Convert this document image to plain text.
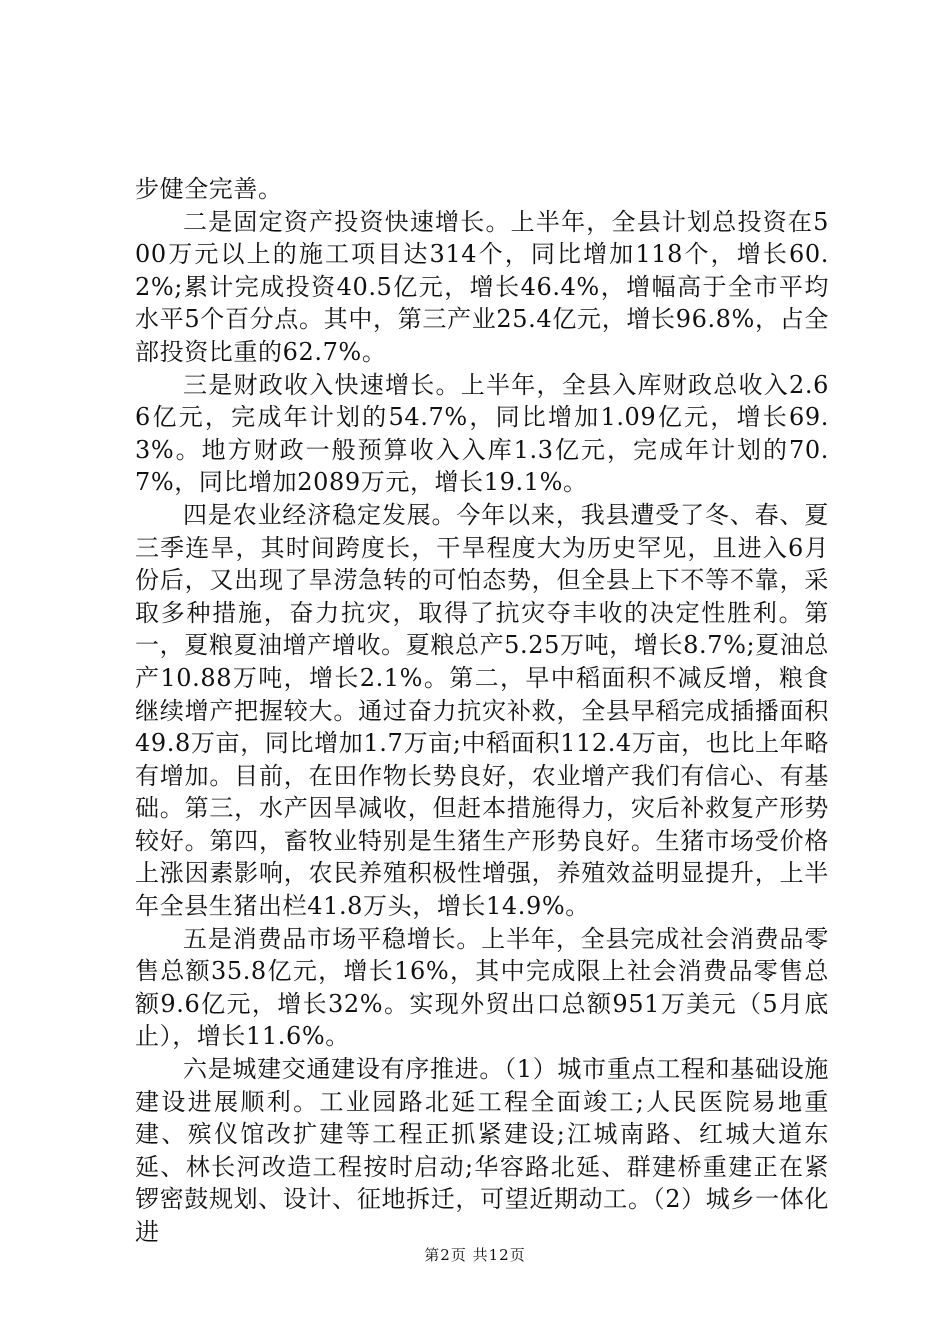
步健全完善。

二是固定资产投资快速增长。上半年，全县计划总投资在500万元以上的施工项目达314个，同比增加118个，增长60.2%;累计完成投资40.5亿元，增长46.4%，增幅高于全市平均水平5个百分点。其中，第三产业25.4亿元，增长96.8%，占全部投资比重的62.7%。

三是财政收入快速增长。上半年，全县入库财政总收入2.66亿元，完成年计划的54.7%，同比增加1.09亿元，增长69.3%。地方财政一般预算收入入库1.3亿元，完成年计划的70.7%，同比增加2089万元，增长19.1%。

四是农业经济稳定发展。今年以来，我县遭受了冬、春、夏三季连旱，其时间跨度长，干旱程度大为历史罕见，且进入6月份后，又出现了旱涝急转的可怕态势，但全县上下不等不靠，采取多种措施，奋力抗灾，取得了抗灾夺丰收的决定性胜利。第一，夏粮夏油增产增收。夏粮总产5.25万吨，增长8.7%;夏油总产10.88万吨，增长2.1%。第二，早中稻面积不减反增，粮食继续增产把握较大。通过奋力抗灾补救，全县早稻完成插播面积49.8万亩，同比增加1.7万亩;中稻面积112.4万亩，也比上年略有增加。目前，在田作物长势良好，农业增产我们有信心、有基础。第三，水产因旱减收，但赶本措施得力，灾后补救复产形势较好。第四，畜牧业特别是生猪生产形势良好。生猪市场受价格上涨因素影响，农民养殖积极性增强，养殖效益明显提升，上半年全县生猪出栏41.8万头，增长14.9%。

五是消费品市场平稳增长。上半年，全县完成社会消费品零售总额35.8亿元，增长16%，其中完成限上社会消费品零售总额9.6亿元，增长32%。实现外贸出口总额951万美元（5月底止），增长11.6%。

六是城建交通建设有序推进。（1）城市重点工程和基础设施建设进展顺利。工业园路北延工程全面竣工;人民医院易地重建、殡仪馆改扩建等工程正抓紧建设;江城南路、红城大道东延、林长河改造工程按时启动;华容路北延、群建桥重建正在紧锣密鼓规划、设计、征地拆迁，可望近期动工。（2）城乡一体化进

第2页 共12页
